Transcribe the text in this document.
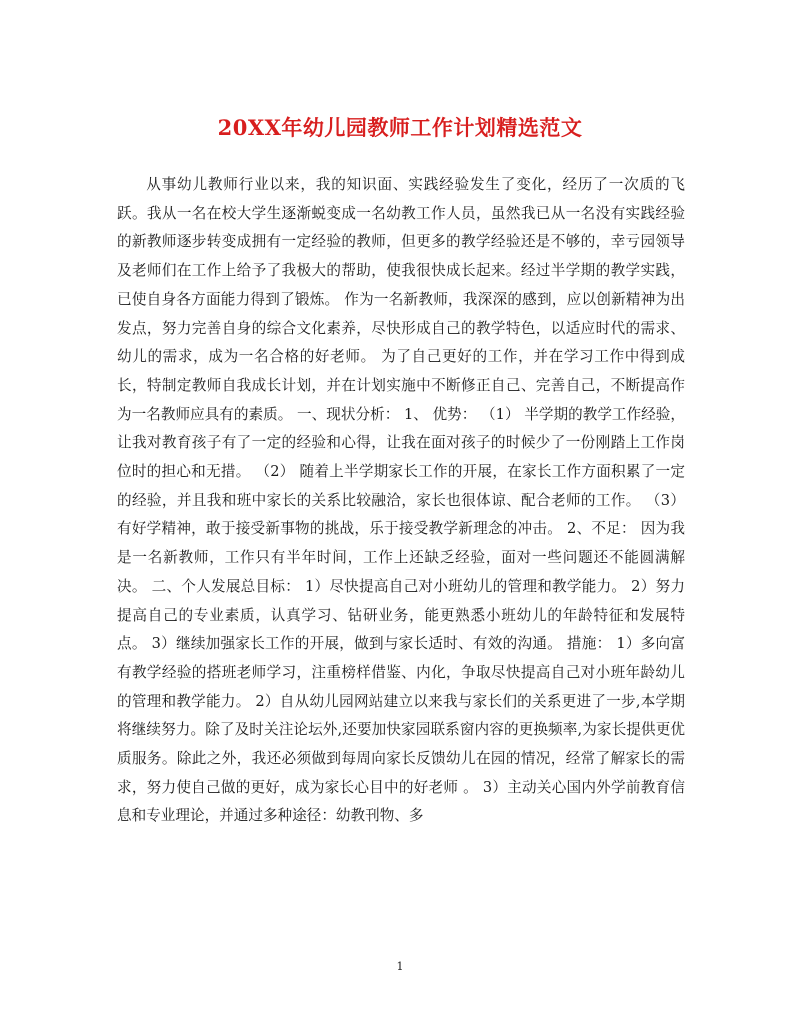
20XX年幼儿园教师工作计划精选范文

从事幼儿教师行业以来，我的知识面、实践经验发生了变化，经历了一次质的飞跃。我从一名在校大学生逐渐蜕变成一名幼教工作人员，虽然我已从一名没有实践经验的新教师逐步转变成拥有一定经验的教师，但更多的教学经验还是不够的，幸亏园领导及老师们在工作上给予了我极大的帮助，使我很快成长起来。经过半学期的教学实践，已使自身各方面能力得到了锻炼。 作为一名新教师，我深深的感到，应以创新精神为出发点，努力完善自身的综合文化素养，尽快形成自己的教学特色，以适应时代的需求、幼儿的需求，成为一名合格的好老师。 为了自己更好的工作，并在学习工作中得到成长，特制定教师自我成长计划，并在计划实施中不断修正自己、完善自己，不断提高作为一名教师应具有的素质。 一、现状分析： 1、 优势： （1） 半学期的教学工作经验，让我对教育孩子有了一定的经验和心得，让我在面对孩子的时候少了一份刚踏上工作岗位时的担心和无措。 （2） 随着上半学期家长工作的开展，在家长工作方面积累了一定的经验，并且我和班中家长的关系比较融洽，家长也很体谅、配合老师的工作。 （3） 有好学精神，敢于接受新事物的挑战，乐于接受教学新理念的冲击。 2、不足： 因为我是一名新教师，工作只有半年时间，工作上还缺乏经验，面对一些问题还不能圆满解决。 二、个人发展总目标： 1）尽快提高自己对小班幼儿的管理和教学能力。 2）努力提高自己的专业素质，认真学习、钻研业务，能更熟悉小班幼儿的年龄特征和发展特点。 3）继续加强家长工作的开展，做到与家长适时、有效的沟通。 措施： 1）多向富有教学经验的搭班老师学习，注重榜样借鉴、内化，争取尽快提高自己对小班年龄幼儿的管理和教学能力。 2）自从幼儿园网站建立以来我与家长们的关系更进了一步,本学期将继续努力。除了及时关注论坛外,还要加快家园联系窗内容的更换频率,为家长提供更优质服务。除此之外，我还必须做到每周向家长反馈幼儿在园的情况，经常了解家长的需求，努力使自己做的更好，成为家长心目中的好老师 。 3）主动关心国内外学前教育信息和专业理论，并通过多种途径：幼教刊物、多

1
